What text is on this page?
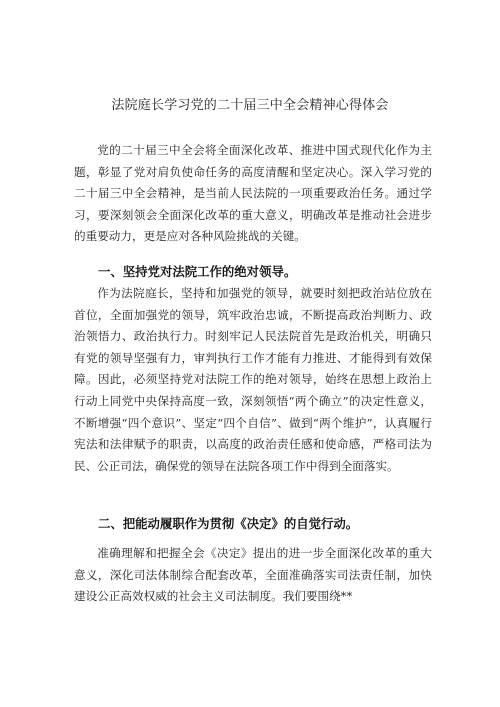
法院庭长学习党的二十届三中全会精神心得体会

党的二十届三中全会将全面深化改革、推进中国式现代化作为主题，彰显了党对肩负使命任务的高度清醒和坚定决心。深入学习党的二十届三中全会精神，是当前人民法院的一项重要政治任务。通过学习，要深刻领会全面深化改革的重大意义，明确改革是推动社会进步的重要动力，更是应对各种风险挑战的关键。

一、坚持党对法院工作的绝对领导。

作为法院庭长，坚持和加强党的领导，就要时刻把政治站位放在首位，全面加强党的领导，筑牢政治忠诚，不断提高政治判断力、政治领悟力、政治执行力。时刻牢记人民法院首先是政治机关，明确只有党的领导坚强有力，审判执行工作才能有力推进、才能得到有效保障。因此，必须坚持党对法院工作的绝对领导，始终在思想上政治上行动上同党中央保持高度一致，深刻领悟“两个确立”的决定性意义，不断增强“四个意识”、坚定“四个自信”、做到“两个维护”，认真履行宪法和法律赋予的职责，以高度的政治责任感和使命感，严格司法为民、公正司法，确保党的领导在法院各项工作中得到全面落实。

二、把能动履职作为贯彻《决定》的自觉行动。

准确理解和把握全会《决定》提出的进一步全面深化改革的重大意义，深化司法体制综合配套改革，全面准确落实司法责任制，加快建设公正高效权威的社会主义司法制度。我们要围绕**
